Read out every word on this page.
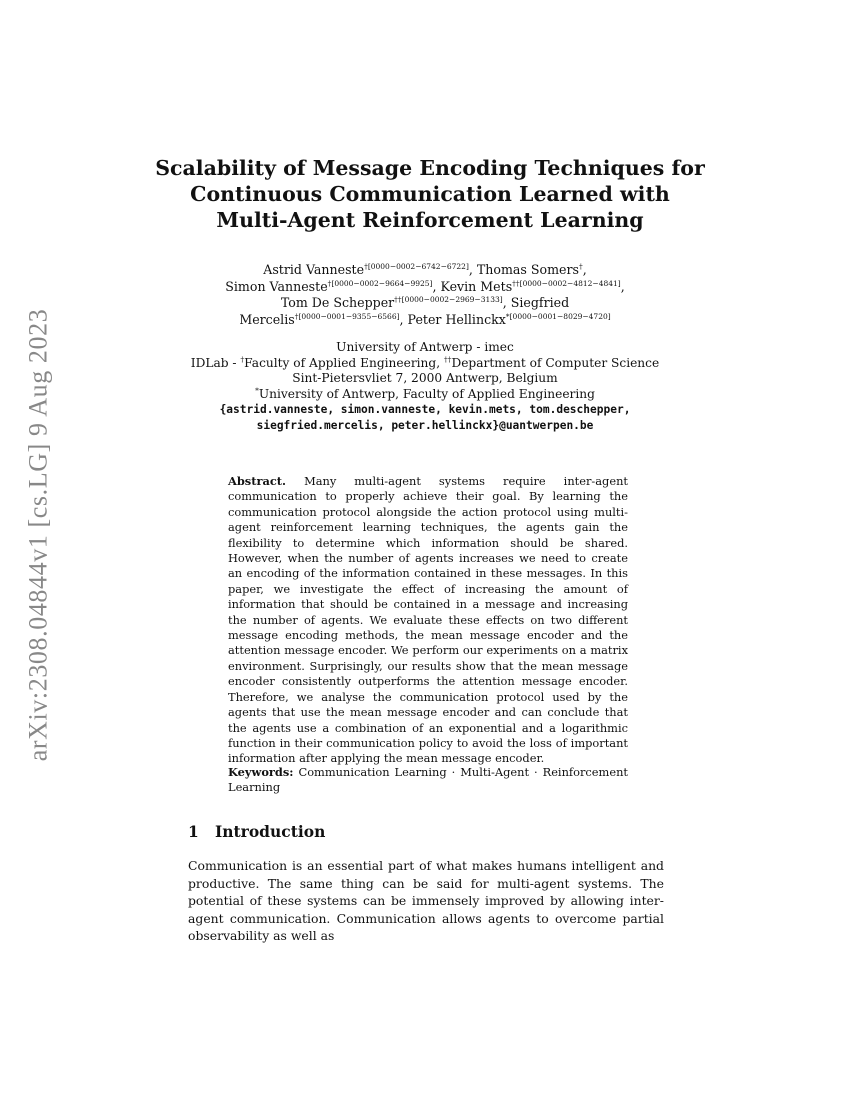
arXiv:2308.04844v1 [cs.LG] 9 Aug 2023
Scalability of Message Encoding Techniques for
Continuous Communication Learned with
Multi-Agent Reinforcement Learning
Astrid Vanneste$^{\dagger[0000-0002-6742-6722]}$, Thomas Somers†,
Simon Vanneste$^{\dagger[0000-0002-9664-9925]}$, Kevin Mets$^{\dagger\dagger[0000-0002-4812-4841]}$,
Tom De Schepper$^{\dagger\dagger[0000-0002-2969-3133]}$, Siegfried
Mercelis$^{\dagger[0000-0001-9355-6566]}$, Peter Hellinckx$^{*[0000-0001-8029-4720]}$
University of Antwerp - imec
IDLab - †Faculty of Applied Engineering, ††Department of Computer Science
Sint-Pietersvliet 7, 2000 Antwerp, Belgium
*University of Antwerp, Faculty of Applied Engineering
{astrid.vanneste, simon.vanneste, kevin.mets, tom.deschepper,
siegfried.mercelis, peter.hellinckx}@uantwerpen.be
Abstract. Many multi-agent systems require inter-agent communication to properly achieve their goal. By learning the communication protocol alongside the action protocol using multi-agent reinforcement learning techniques, the agents gain the flexibility to determine which information should be shared. However, when the number of agents increases we need to create an encoding of the information contained in these messages. In this paper, we investigate the effect of increasing the amount of information that should be contained in a message and increasing the number of agents. We evaluate these effects on two different message encoding methods, the mean message encoder and the attention message encoder. We perform our experiments on a matrix environment. Surprisingly, our results show that the mean message encoder consistently outperforms the attention message encoder. Therefore, we analyse the communication protocol used by the agents that use the mean message encoder and can conclude that the agents use a combination of an exponential and a logarithmic function in their communication policy to avoid the loss of important information after applying the mean message encoder.
Keywords: Communication Learning · Multi-Agent · Reinforcement Learning
1 Introduction
Communication is an essential part of what makes humans intelligent and productive. The same thing can be said for multi-agent systems. The potential of these systems can be immensely improved by allowing inter-agent communication. Communication allows agents to overcome partial observability as well as
